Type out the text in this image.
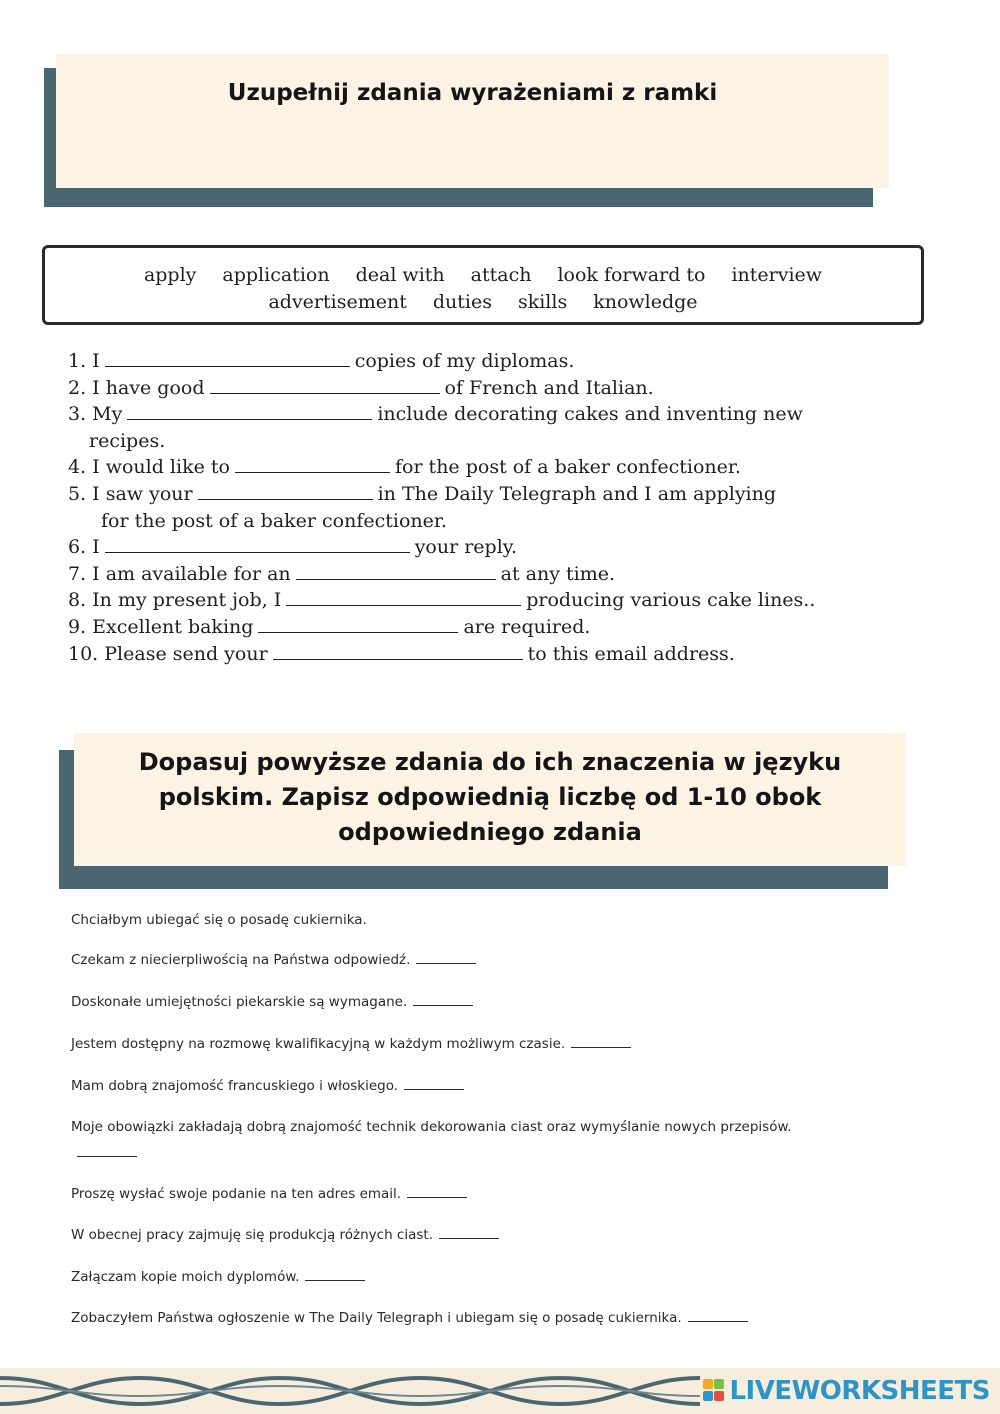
Uzupełnij zdania wyrażeniami z ramki
apply application deal with attach look forward to interview
advertisement duties skills knowledge
1. I	copies of my diplomas.
2. I have good	of French and Italian.
3. My	include decorating cakes and inventing new
recipes.
4. I would like to	for the post of a baker confectioner.
5. I saw your	in The Daily Telegraph and I am applying
for the post of a baker confectioner.
6. I	your reply.
7. I am available for an	at any time.
8. In my present job, I	producing various cake lines..
9. Excellent baking	are required.
10. Please send your	to this email address.
Dopasuj powyższe zdania do ich znaczenia w języku polskim. Zapisz odpowiednią liczbę od 1-10 obok odpowiedniego zdania
Chciałbym ubiegać się o posadę cukiernika.
Czekam z niecierpliwością na Państwa odpowiedź.
Doskonałe umiejętności piekarskie są wymagane.
Jestem dostępny na rozmowę kwalifikacyjną w każdym możliwym czasie.
Mam dobrą znajomość francuskiego i włoskiego.
Moje obowiązki zakładają dobrą znajomość technik dekorowania ciast oraz wymyślanie nowych przepisów.
Proszę wysłać swoje podanie na ten adres email.
W obecnej pracy zajmuję się produkcją różnych ciast.
Załączam kopie moich dyplomów.
Zobaczyłem Państwa ogłoszenie w The Daily Telegraph i ubiegam się o posadę cukiernika.
LIVEWORKSHEETS
